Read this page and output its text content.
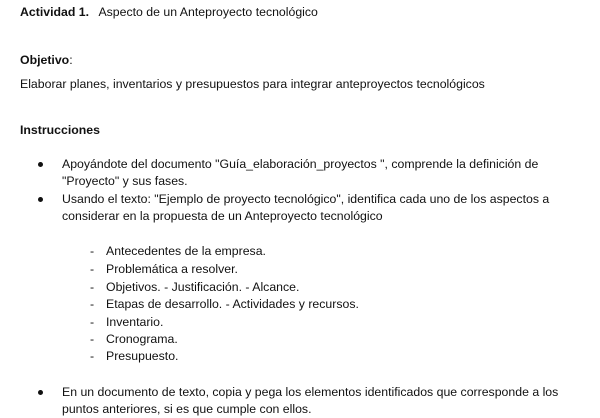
Actividad 1. Aspecto de un Anteproyecto tecnológico
Objetivo:
Elaborar planes, inventarios y presupuestos para integrar anteproyectos tecnológicos
Instrucciones
Apoyándote del documento "Guía_elaboración_proyectos ", comprende la definición de "Proyecto" y sus fases.
Usando el texto: "Ejemplo de proyecto tecnológico", identifica cada uno de los aspectos a considerar en la propuesta de un Anteproyecto tecnológico
En un documento de texto, copia y pega los elementos identificados que corresponde a los puntos anteriores, si es que cumple con ellos.
- Antecedentes de la empresa.
- Problemática a resolver.
- Objetivos. - Justificación. - Alcance.
- Etapas de desarrollo. - Actividades y recursos.
- Inventario.
- Cronograma.
- Presupuesto.
